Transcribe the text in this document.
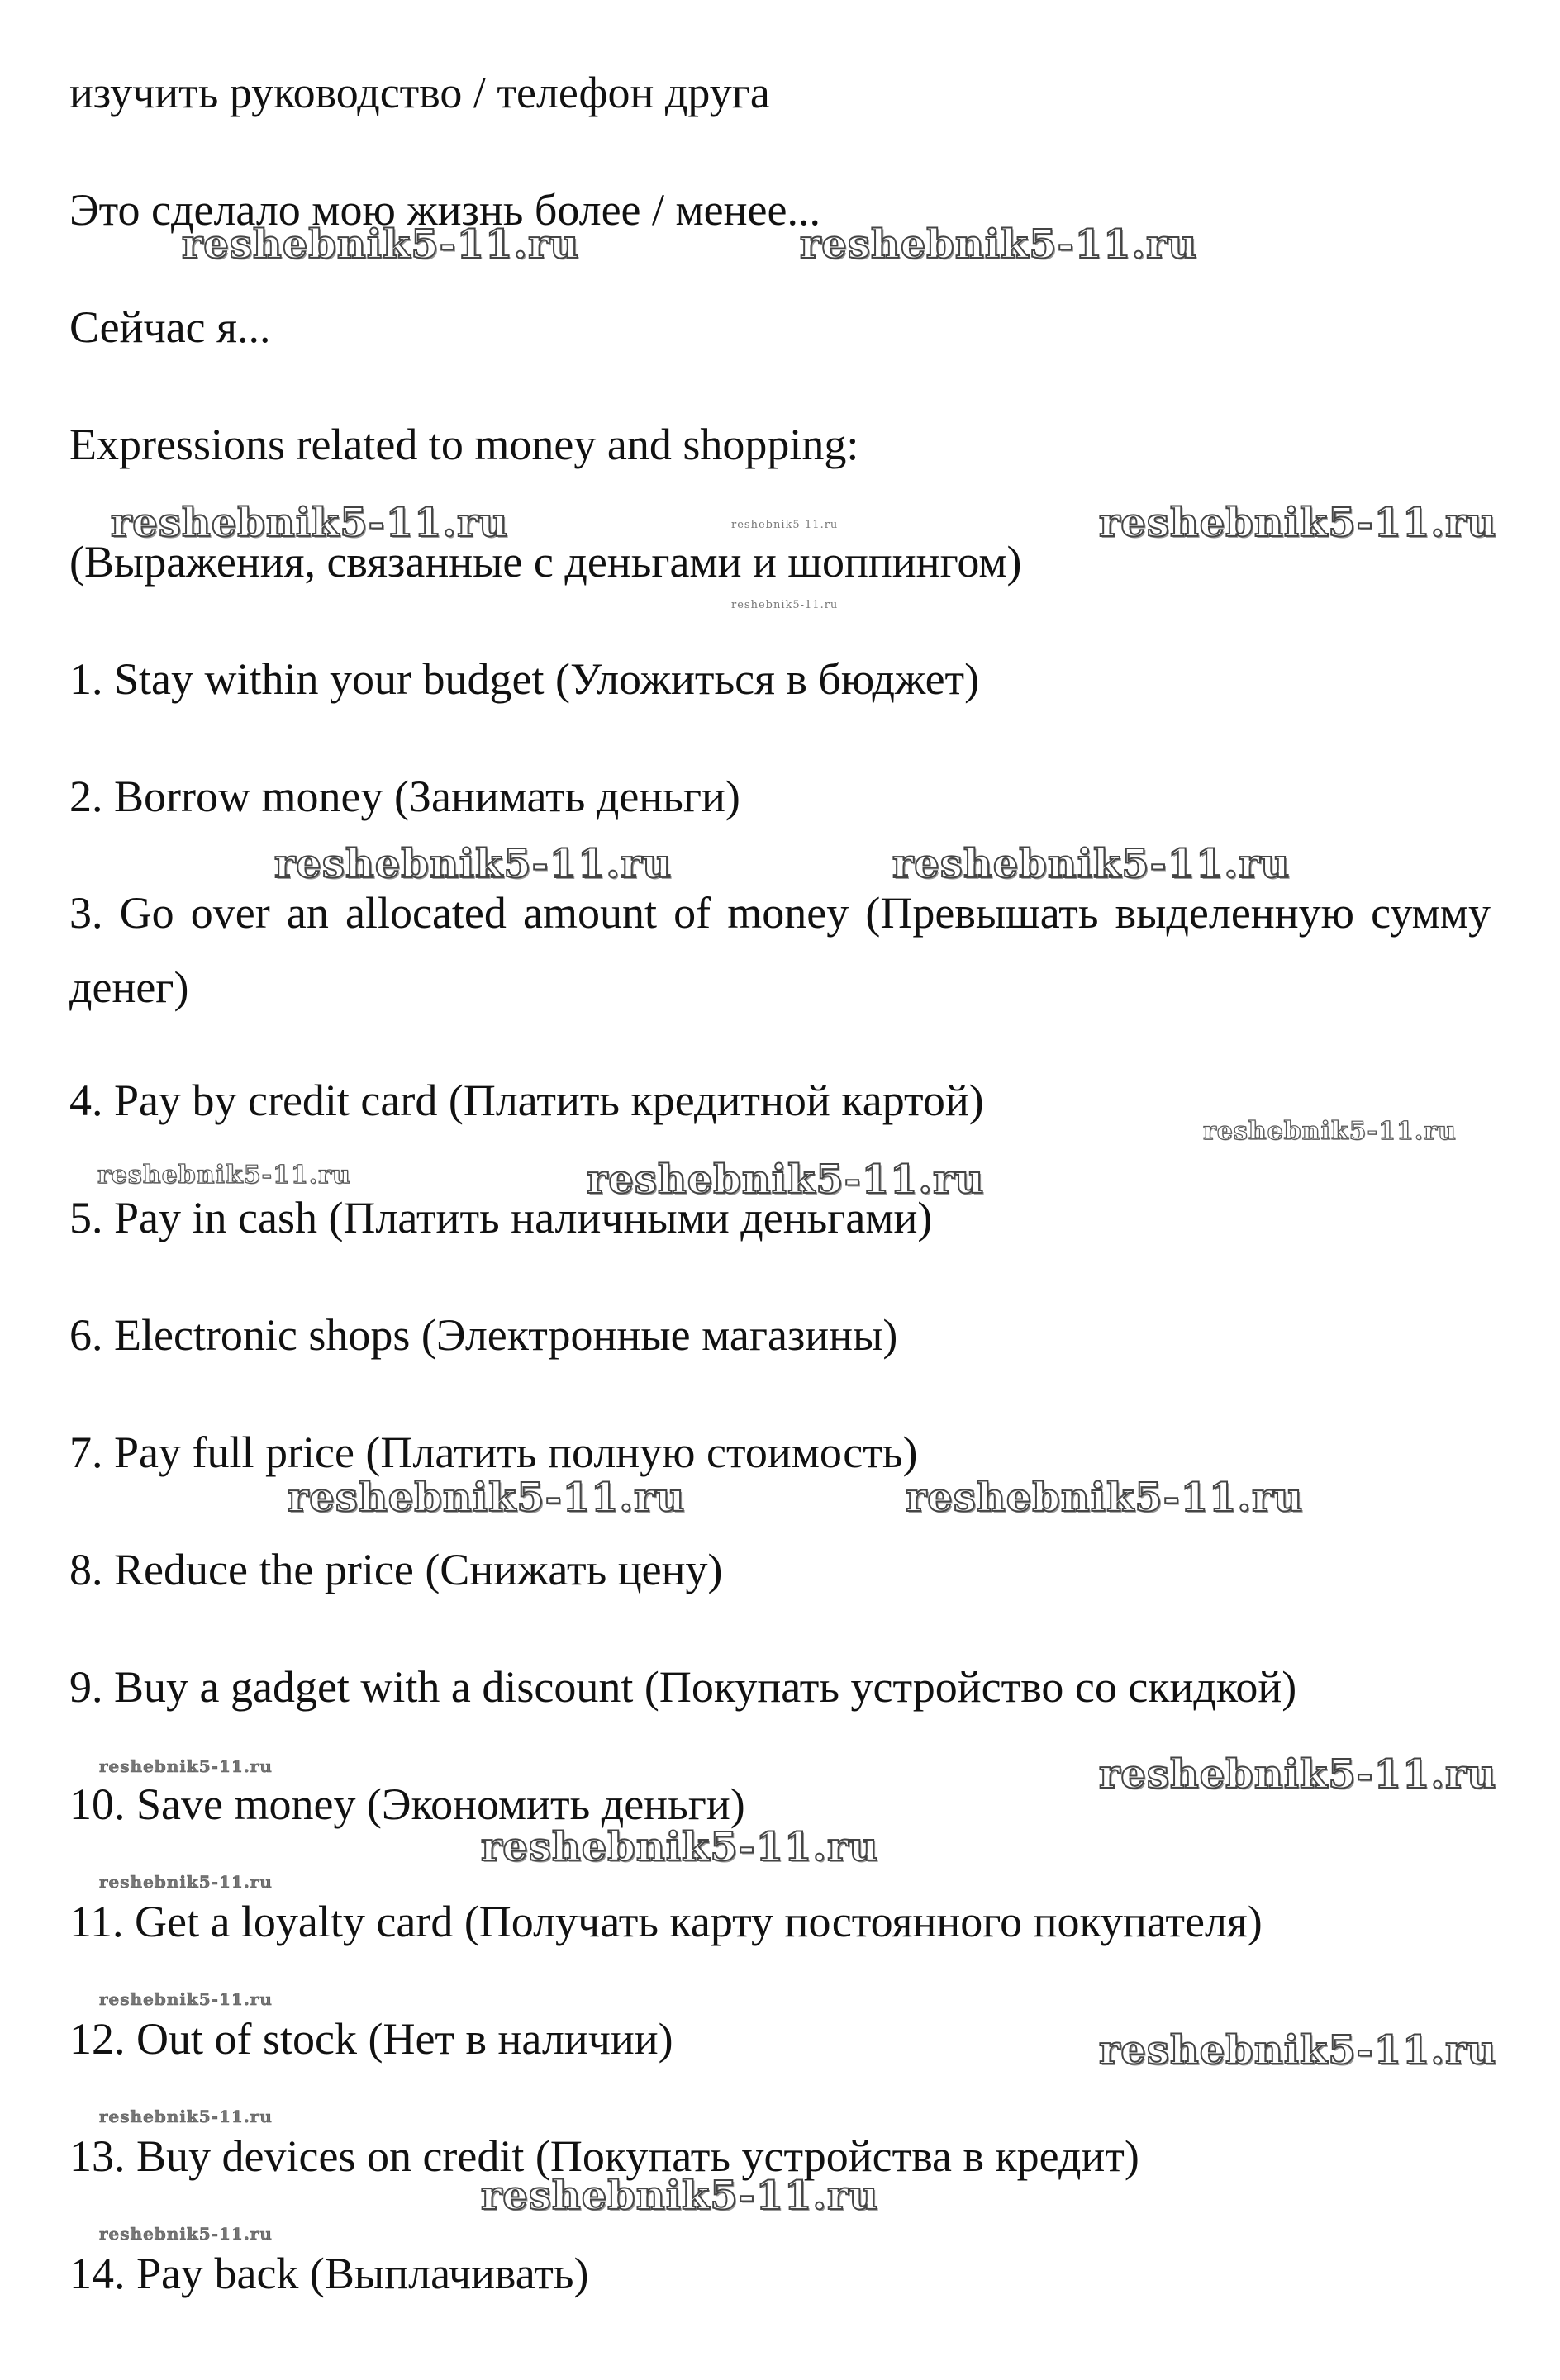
изучить руководство / телефон друга
Это сделало мою жизнь более / менее...
Сейчас я...
Expressions related to money and shopping:
(Выражения, связанные с деньгами и шоппингом)
1. Stay within your budget (Уложиться в бюджет)
2. Borrow money (Занимать деньги)
3. Go over an allocated amount of money (Превышать выделенную сумму денег)
4. Pay by credit card (Платить кредитной картой)
5. Pay in cash (Платить наличными деньгами)
6. Electronic shops (Электронные магазины)
7. Pay full price (Платить полную стоимость)
8. Reduce the price (Снижать цену)
9. Buy a gadget with a discount (Покупать устройство со скидкой)
10. Save money (Экономить деньги)
11. Get a loyalty card (Получать карту постоянного покупателя)
12. Out of stock (Нет в наличии)
13. Buy devices on credit (Покупать устройства в кредит)
14. Pay back (Выплачивать)
reshebnik5-11.ru	reshebnik5-11.ru
reshebnik5-11.ru	reshebnik5-11.ru	reshebnik5-11.ru
reshebnik5-11.ru
reshebnik5-11.ru	reshebnik5-11.ru
reshebnik5-11.ru
reshebnik5-11.ru	reshebnik5-11.ru
reshebnik5-11.ru	reshebnik5-11.ru
reshebnik5-11.ru	reshebnik5-11.ru
reshebnik5-11.ru
reshebnik5-11.ru
reshebnik5-11.ru
reshebnik5-11.ru
reshebnik5-11.ru
reshebnik5-11.ru
reshebnik5-11.ru
